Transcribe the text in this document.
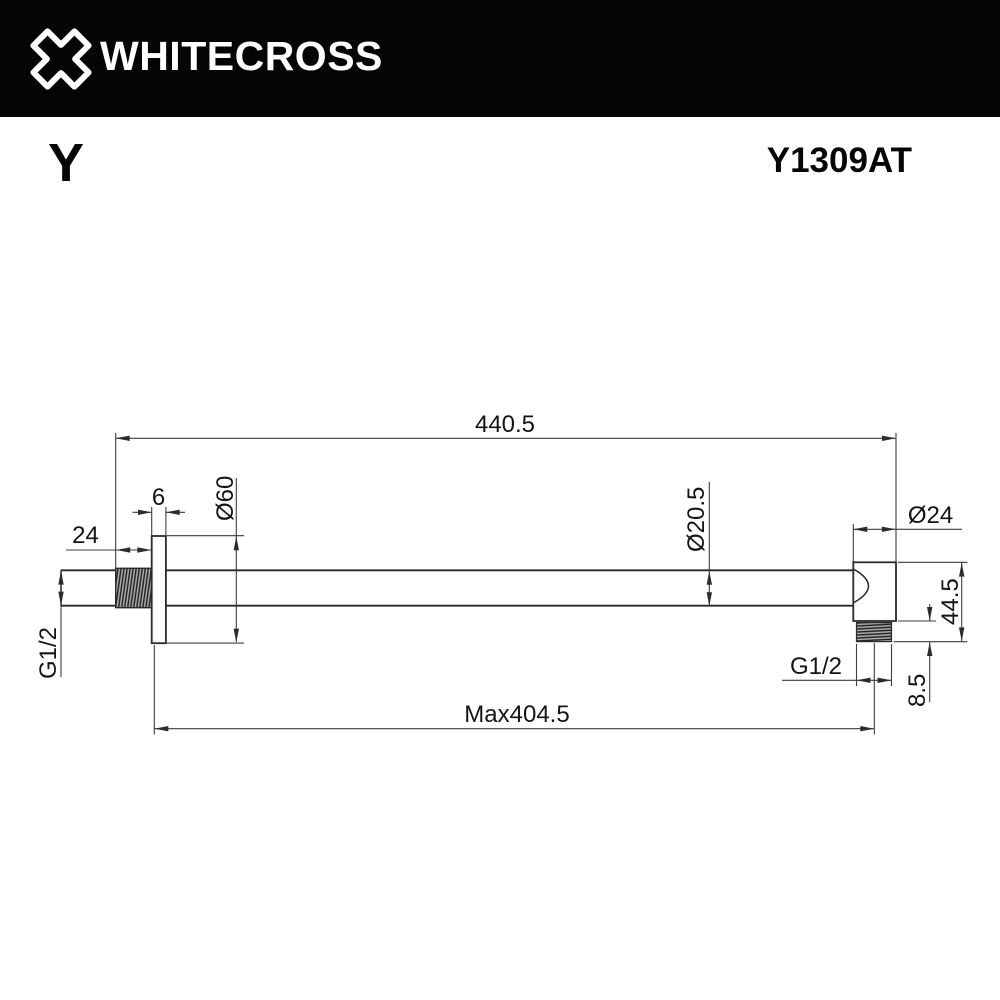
WHITECROSS
Y	Y1309AT
440.5
24
6 Ø60
G1/2
Ø20.5	Ø24
44.5
8.5
G1/2
Max404.5
